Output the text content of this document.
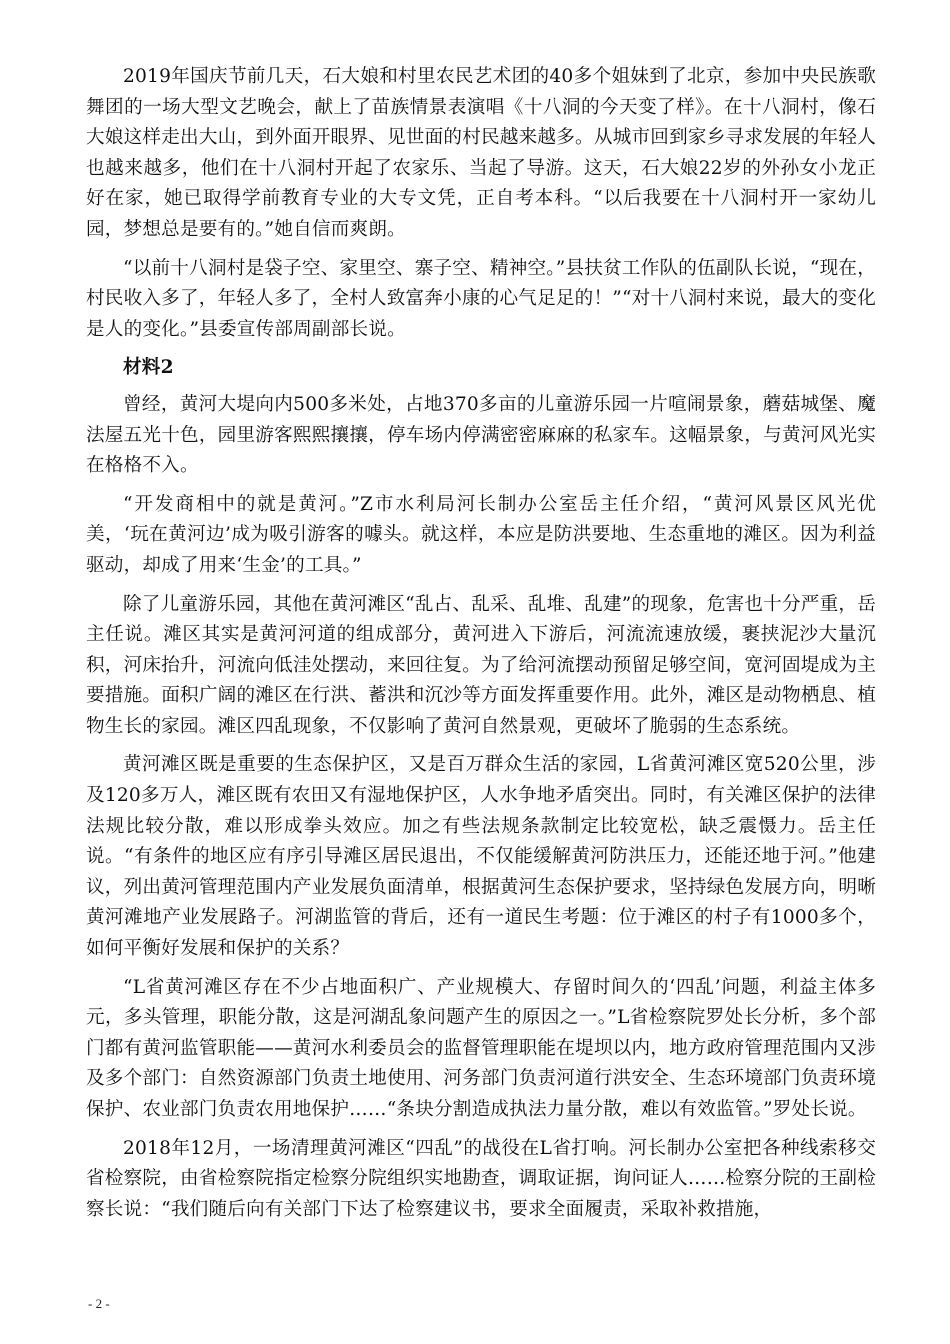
2019年国庆节前几天，石大娘和村里农民艺术团的40多个姐妹到了北京，参加中央民族歌舞团的一场大型文艺晚会，献上了苗族情景表演唱《十八洞的今天变了样》。在十八洞村，像石大娘这样走出大山，到外面开眼界、见世面的村民越来越多。从城市回到家乡寻求发展的年轻人也越来越多，他们在十八洞村开起了农家乐、当起了导游。这天，石大娘22岁的外孙女小龙正好在家，她已取得学前教育专业的大专文凭，正自考本科。“以后我要在十八洞村开一家幼儿园，梦想总是要有的。”她自信而爽朗。

“以前十八洞村是袋子空、家里空、寨子空、精神空。”县扶贫工作队的伍副队长说，“现在，村民收入多了，年轻人多了，全村人致富奔小康的心气足足的！”“对十八洞村来说，最大的变化是人的变化。”县委宣传部周副部长说。

材料2

曾经，黄河大堤向内500多米处，占地370多亩的儿童游乐园一片喧闹景象，蘑菇城堡、魔法屋五光十色，园里游客熙熙攘攘，停车场内停满密密麻麻的私家车。这幅景象，与黄河风光实在格格不入。

“开发商相中的就是黄河。”Z市水利局河长制办公室岳主任介绍，“黄河风景区风光优美，‘玩在黄河边’成为吸引游客的噱头。就这样，本应是防洪要地、生态重地的滩区。因为利益驱动，却成了用来‘生金’的工具。”

除了儿童游乐园，其他在黄河滩区“乱占、乱采、乱堆、乱建”的现象，危害也十分严重，岳主任说。滩区其实是黄河河道的组成部分，黄河进入下游后，河流流速放缓，裹挟泥沙大量沉积，河床抬升，河流向低洼处摆动，来回往复。为了给河流摆动预留足够空间，宽河固堤成为主要措施。面积广阔的滩区在行洪、蓄洪和沉沙等方面发挥重要作用。此外，滩区是动物栖息、植物生长的家园。滩区四乱现象，不仅影响了黄河自然景观，更破坏了脆弱的生态系统。

黄河滩区既是重要的生态保护区，又是百万群众生活的家园，L省黄河滩区宽520公里，涉及120多万人，滩区既有农田又有湿地保护区，人水争地矛盾突出。同时，有关滩区保护的法律法规比较分散，难以形成拳头效应。加之有些法规条款制定比较宽松，缺乏震慑力。岳主任说。“有条件的地区应有序引导滩区居民退出，不仅能缓解黄河防洪压力，还能还地于河。”他建议，列出黄河管理范围内产业发展负面清单，根据黄河生态保护要求，坚持绿色发展方向，明晰黄河滩地产业发展路子。河湖监管的背后，还有一道民生考题：位于滩区的村子有1000多个，如何平衡好发展和保护的关系？

“L省黄河滩区存在不少占地面积广、产业规模大、存留时间久的‘四乱’问题，利益主体多元，多头管理，职能分散，这是河湖乱象问题产生的原因之一。”L省检察院罗处长分析，多个部门都有黄河监管职能——黄河水利委员会的监督管理职能在堤坝以内，地方政府管理范围内又涉及多个部门：自然资源部门负责土地使用、河务部门负责河道行洪安全、生态环境部门负责环境保护、农业部门负责农用地保护……“条块分割造成执法力量分散，难以有效监管。”罗处长说。

2018年12月，一场清理黄河滩区“四乱”的战役在L省打响。河长制办公室把各种线索移交省检察院，由省检察院指定检察分院组织实地勘查，调取证据，询问证人……检察分院的王副检察长说：“我们随后向有关部门下达了检察建议书，要求全面履责，采取补救措施，

- 2 -
